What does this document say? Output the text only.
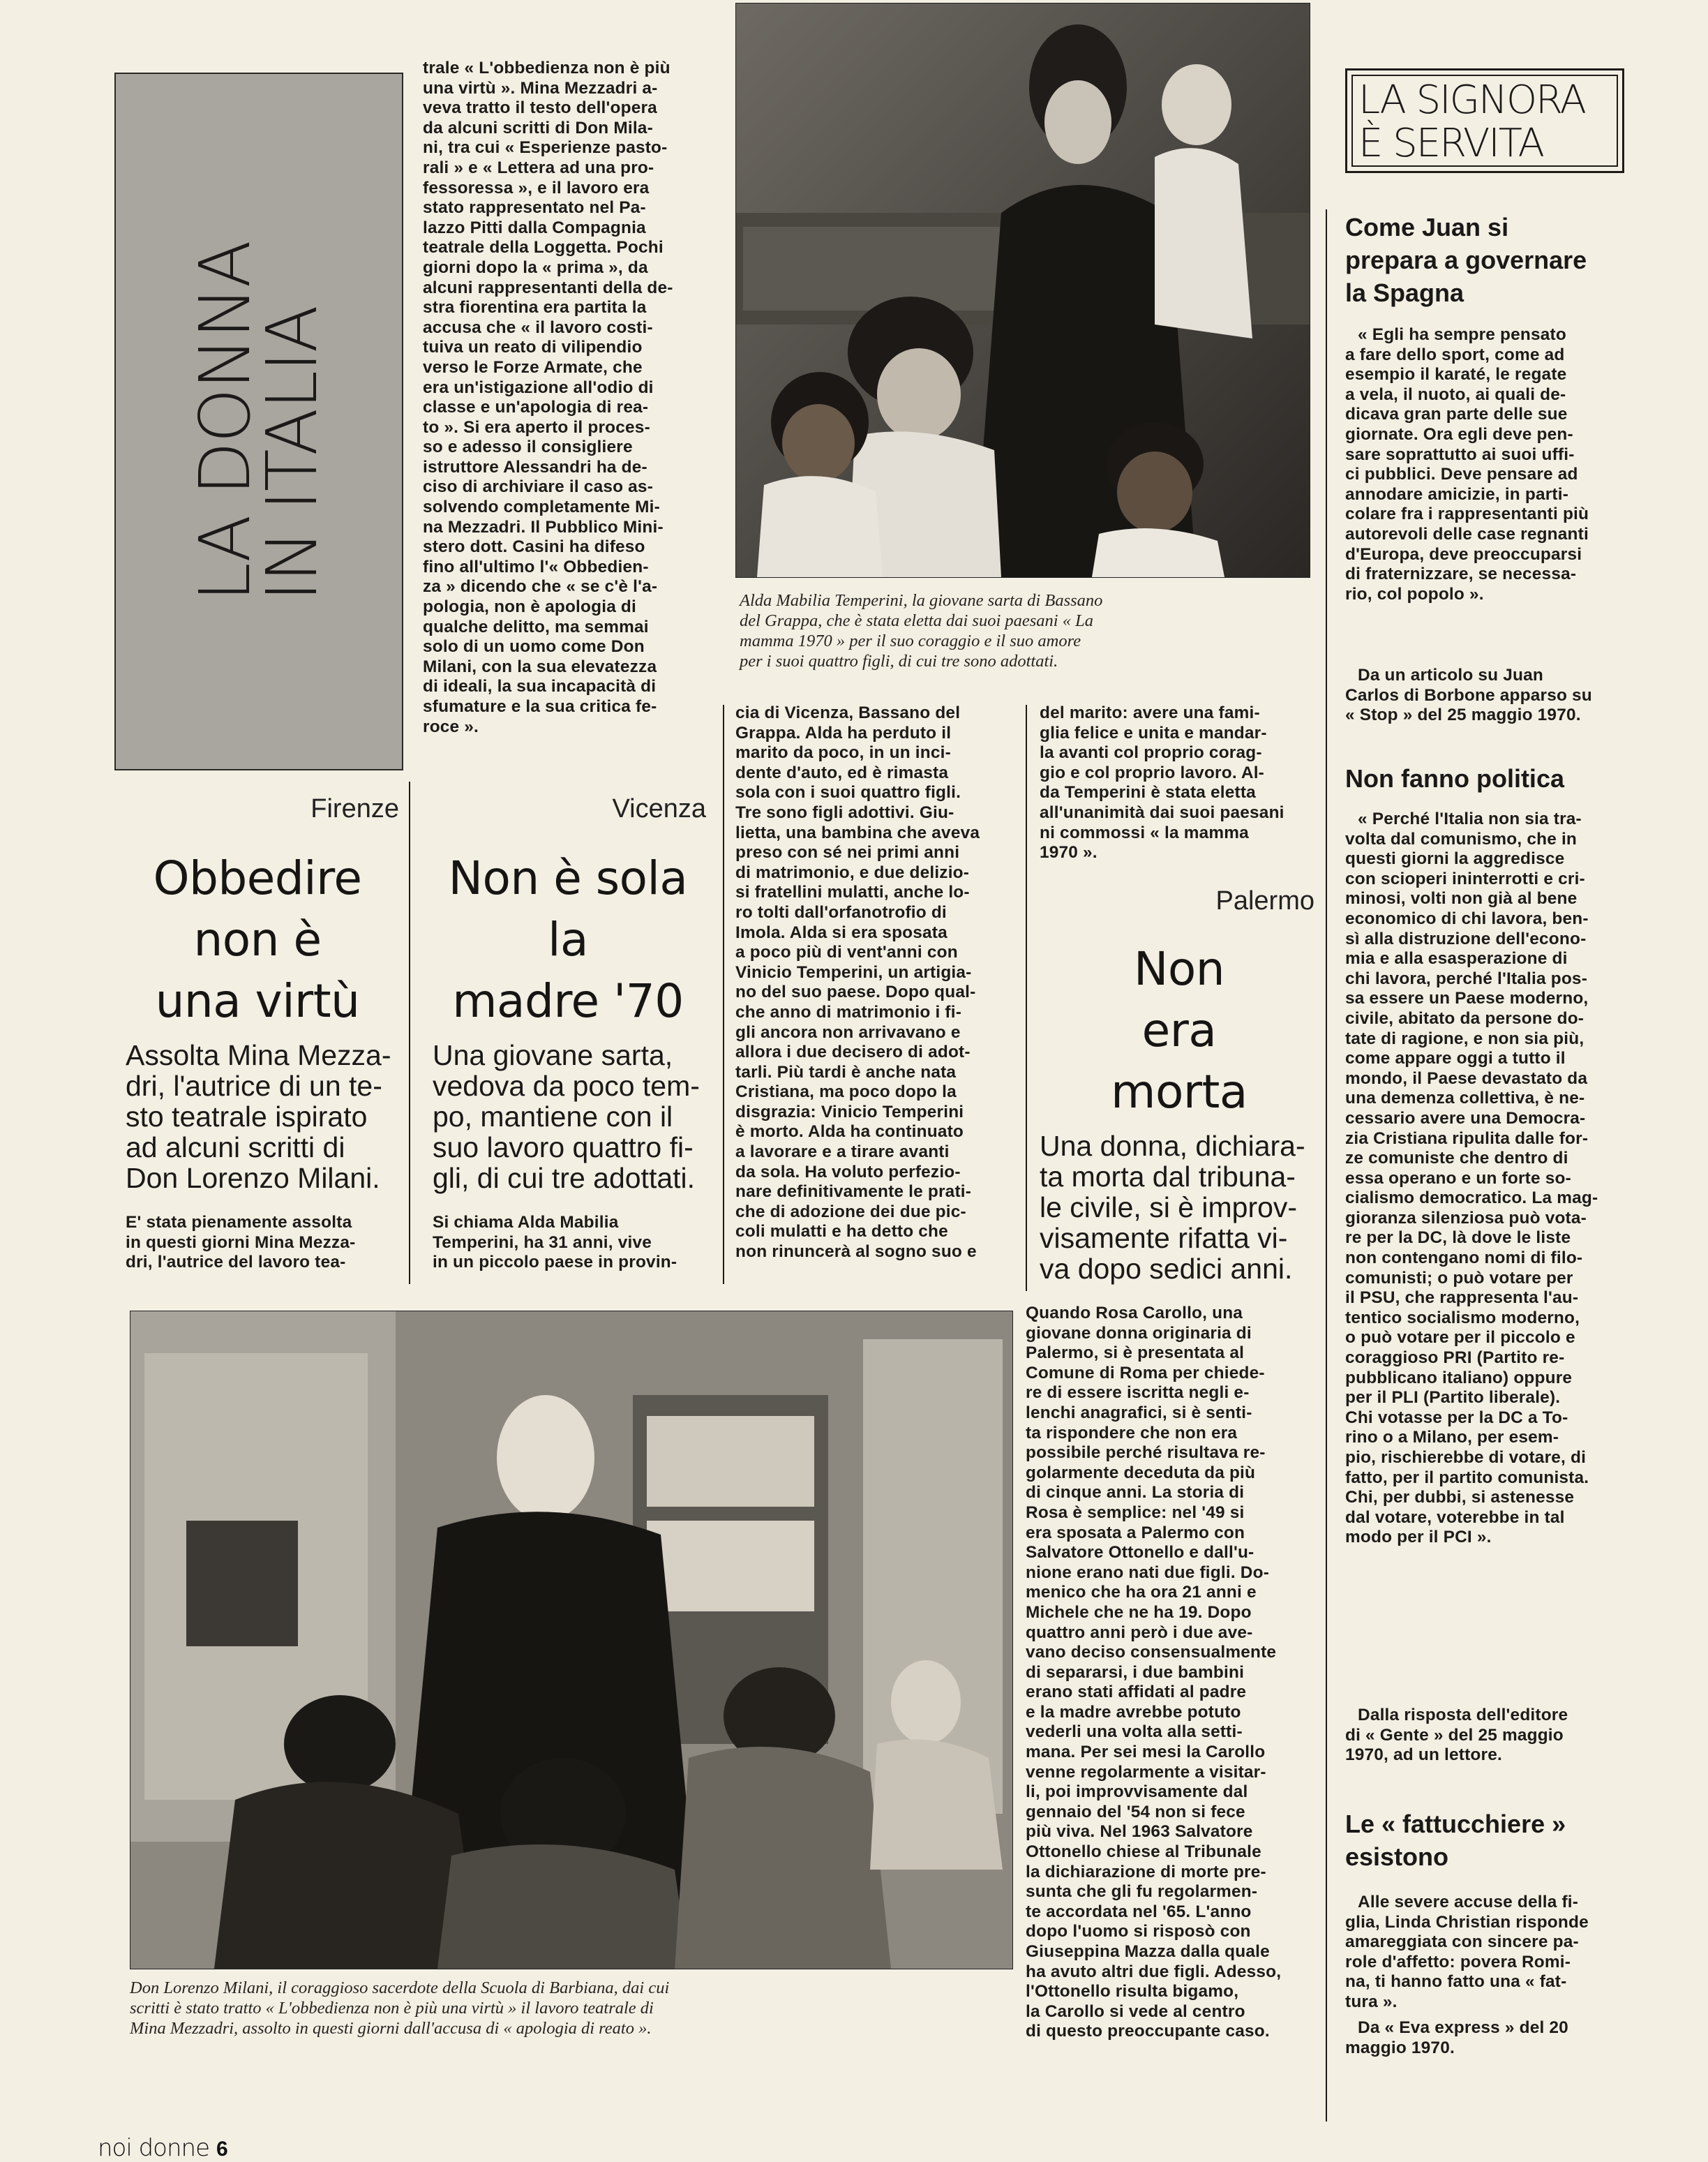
LA DONNA
IN ITALIA

trale « L'obbedienza non è più
una virtù ». Mina Mezzadri a-
veva tratto il testo dell'opera
da alcuni scritti di Don Mila-
ni, tra cui « Esperienze pasto-
rali » e « Lettera ad una pro-
fessoressa », e il lavoro era
stato rappresentato nel Pa-
lazzo Pitti dalla Compagnia
teatrale della Loggetta. Pochi
giorni dopo la « prima », da
alcuni rappresentanti della de-
stra fiorentina era partita la
accusa che « il lavoro costi-
tuiva un reato di vilipendio
verso le Forze Armate, che
era un'istigazione all'odio di
classe e un'apologia di rea-
to ». Si era aperto il proces-
so e adesso il consigliere
istruttore Alessandri ha de-
ciso di archiviare il caso as-
solvendo completamente Mi-
na Mezzadri. Il Pubblico Mini-
stero dott. Casini ha difeso
fino all'ultimo l'« Obbedien-
za » dicendo che « se c'è l'a-
pologia, non è apologia di
qualche delitto, ma semmai
solo di un uomo come Don
Milani, con la sua elevatezza
di ideali, la sua incapacità di
sfumature e la sua critica fe-
roce ».

Alda Mabilia Temperini, la giovane sarta di Bassano
del Grappa, che è stata eletta dai suoi paesani « La
mamma 1970 » per il suo coraggio e il suo amore
per i suoi quattro figli, di cui tre sono adottati.

Firenze
Obbedire
non è
una virtù

Assolta Mina Mezza-
dri, l'autrice di un te-
sto teatrale ispirato
ad alcuni scritti di
Don Lorenzo Milani.

E' stata pienamente assolta
in questi giorni Mina Mezza-
dri, l'autrice del lavoro tea-

Vicenza
Non è sola
la
madre '70

Una giovane sarta,
vedova da poco tem-
po, mantiene con il
suo lavoro quattro fi-
gli, di cui tre adottati.

Si chiama Alda Mabilia
Temperini, ha 31 anni, vive
in un piccolo paese in provin-

cia di Vicenza, Bassano del
Grappa. Alda ha perduto il
marito da poco, in un inci-
dente d'auto, ed è rimasta
sola con i suoi quattro figli.
Tre sono figli adottivi. Giu-
lietta, una bambina che aveva
preso con sé nei primi anni
di matrimonio, e due delizio-
si fratellini mulatti, anche lo-
ro tolti dall'orfanotrofio di
Imola. Alda si era sposata
a poco più di vent'anni con
Vinicio Temperini, un artigia-
no del suo paese. Dopo qual-
che anno di matrimonio i fi-
gli ancora non arrivavano e
allora i due decisero di adot-
tarli. Più tardi è anche nata
Cristiana, ma poco dopo la
disgrazia: Vinicio Temperini
è morto. Alda ha continuato
a lavorare e a tirare avanti
da sola. Ha voluto perfezio-
nare definitivamente le prati-
che di adozione dei due pic-
coli mulatti e ha detto che
non rinuncerà al sogno suo e

del marito: avere una fami-
glia felice e unita e mandar-
la avanti col proprio corag-
gio e col proprio lavoro. Al-
da Temperini è stata eletta
all'unanimità dai suoi paesani
ni commossi « la mamma
1970 ».

Palermo
Non
era
morta

Una donna, dichiara-
ta morta dal tribuna-
le civile, si è improv-
visamente rifatta vi-
va dopo sedici anni.

Quando Rosa Carollo, una
giovane donna originaria di
Palermo, si è presentata al
Comune di Roma per chiede-
re di essere iscritta negli e-
lenchi anagrafici, si è senti-
ta rispondere che non era
possibile perché risultava re-
golarmente deceduta da più
di cinque anni. La storia di
Rosa è semplice: nel '49 si
era sposata a Palermo con
Salvatore Ottonello e dall'u-
nione erano nati due figli. Do-
menico che ha ora 21 anni e
Michele che ne ha 19. Dopo
quattro anni però i due ave-
vano deciso consensualmente
di separarsi, i due bambini
erano stati affidati al padre
e la madre avrebbe potuto
vederli una volta alla setti-
mana. Per sei mesi la Carollo
venne regolarmente a visitar-
li, poi improvvisamente dal
gennaio del '54 non si fece
più viva. Nel 1963 Salvatore
Ottonello chiese al Tribunale
la dichiarazione di morte pre-
sunta che gli fu regolarmen-
te accordata nel '65. L'anno
dopo l'uomo si risposò con
Giuseppina Mazza dalla quale
ha avuto altri due figli. Adesso,
l'Ottonello risulta bigamo,
la Carollo si vede al centro
di questo preoccupante caso.

Don Lorenzo Milani, il coraggioso sacerdote della Scuola di Barbiana, dai cui
scritti è stato tratto « L'obbedienza non è più una virtù » il lavoro teatrale di
Mina Mezzadri, assolto in questi giorni dall'accusa di « apologia di reato ».

LA SIGNORA
È SERVITA

Come Juan si
prepara a governare
la Spagna

« Egli ha sempre pensato
a fare dello sport, come ad
esempio il karaté, le regate
a vela, il nuoto, ai quali de-
dicava gran parte delle sue
giornate. Ora egli deve pen-
sare soprattutto ai suoi uffi-
ci pubblici. Deve pensare ad
annodare amicizie, in parti-
colare fra i rappresentanti più
autorevoli delle case regnanti
d'Europa, deve preoccuparsi
di fraternizzare, se necessa-
rio, col popolo ».

Da un articolo su Juan
Carlos di Borbone apparso su
« Stop » del 25 maggio 1970.

Non fanno politica

« Perché l'Italia non sia tra-
volta dal comunismo, che in
questi giorni la aggredisce
con scioperi ininterrotti e cri-
minosi, volti non già al bene
economico di chi lavora, ben-
sì alla distruzione dell'econo-
mia e alla esasperazione di
chi lavora, perché l'Italia pos-
sa essere un Paese moderno,
civile, abitato da persone do-
tate di ragione, e non sia più,
come appare oggi a tutto il
mondo, il Paese devastato da
una demenza collettiva, è ne-
cessario avere una Democra-
zia Cristiana ripulita dalle for-
ze comuniste che dentro di
essa operano e un forte so-
cialismo democratico. La mag-
gioranza silenziosa può vota-
re per la DC, là dove le liste
non contengano nomi di filo-
comunisti; o può votare per
il PSU, che rappresenta l'au-
tentico socialismo moderno,
o può votare per il piccolo e
coraggioso PRI (Partito re-
pubblicano italiano) oppure
per il PLI (Partito liberale).
Chi votasse per la DC a To-
rino o a Milano, per esem-
pio, rischierebbe di votare, di
fatto, per il partito comunista.
Chi, per dubbi, si astenesse
dal votare, voterebbe in tal
modo per il PCI ».

Dalla risposta dell'editore
di « Gente » del 25 maggio
1970, ad un lettore.

Le « fattucchiere »
esistono

Alle severe accuse della fi-
glia, Linda Christian risponde
amareggiata con sincere pa-
role d'affetto: povera Romi-
na, ti hanno fatto una « fat-
tura ».

Da « Eva express » del 20
maggio 1970.

noi donne 6
